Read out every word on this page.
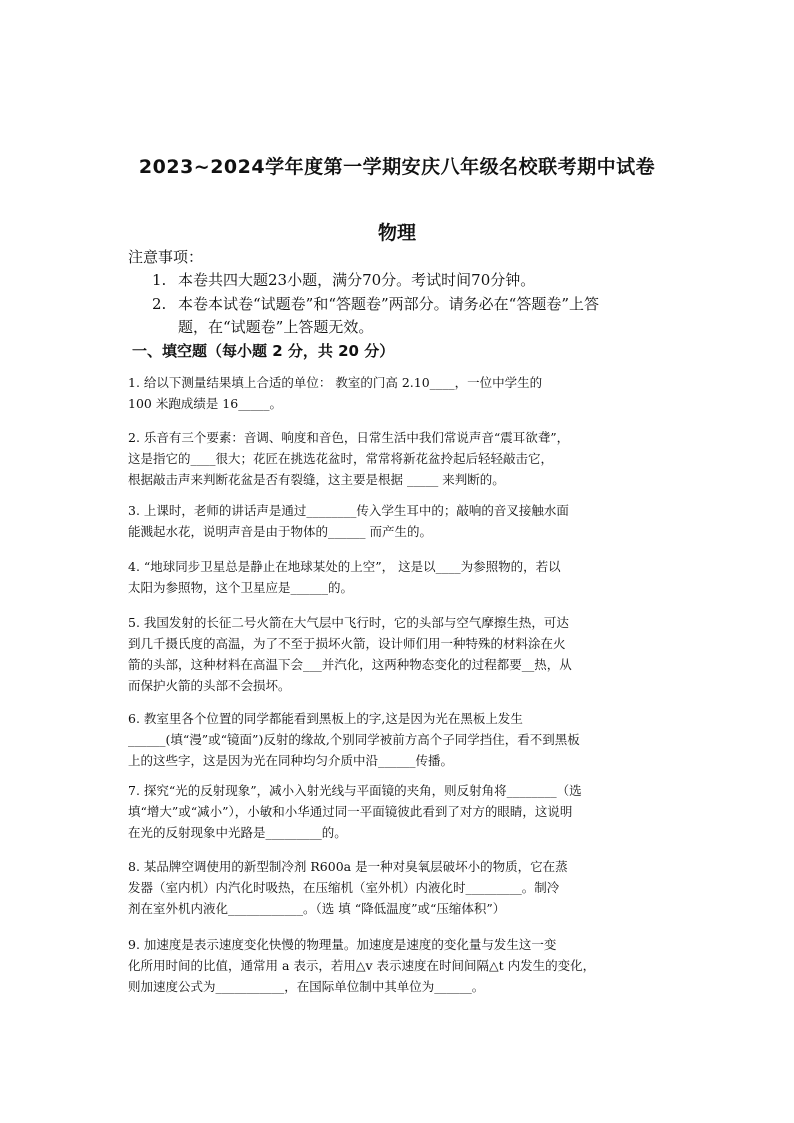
2023~2024学年度第一学期安庆八年级名校联考期中试卷
物理
注意事项：
1. 本卷共四大题23小题，满分70分。考试时间70分钟。
2. 本卷本试卷“试题卷”和“答题卷”两部分。请务必在“答题卷”上答
题，在“试题卷”上答题无效。
一、填空题（每小题 2 分，共 20 分）

1. 给以下测量结果填上合适的单位： 教室的门高 2.10____，一位中学生的

100 米跑成绩是 16_____。

2. 乐音有三个要素：音调、响度和音色，日常生活中我们常说声音“震耳欲聋”，

这是指它的____很大；花匠在挑选花盆时，常常将新花盆拎起后轻轻敲击它，

根据敲击声来判断花盆是否有裂缝，这主要是根据 _____ 来判断的。

3. 上课时，老师的讲话声是通过________传入学生耳中的；敲响的音叉接触水面

能溅起水花，说明声音是由于物体的______ 而产生的。

4. “地球同步卫星总是静止在地球某处的上空”， 这是以____为参照物的，若以

太阳为参照物，这个卫星应是______的。

5. 我国发射的长征二号火箭在大气层中飞行时，它的头部与空气摩擦生热，可达

到几千摄氏度的高温，为了不至于损坏火箭，设计师们用一种特殊的材料涂在火

箭的头部，这种材料在高温下会___并汽化，这两种物态变化的过程都要__热，从

而保护火箭的头部不会损坏。

6. 教室里各个位置的同学都能看到黑板上的字,这是因为光在黑板上发生

______(填“漫”或“镜面”)反射的缘故,个别同学被前方高个子同学挡住，看不到黑板

上的这些字，这是因为光在同种均匀介质中沿______传播。

7. 探究“光的反射现象”，减小入射光线与平面镜的夹角，则反射角将________（选

填“增大”或“减小”），小敏和小华通过同一平面镜彼此看到了对方的眼睛，这说明

在光的反射现象中光路是_________的。

8. 某品牌空调使用的新型制冷剂 R600a 是一种对臭氧层破坏小的物质，它在蒸

发器（室内机）内汽化时吸热，在压缩机（室外机）内液化时_________。制冷

剂在室外机内液化____________。（选 填 “降低温度”或“压缩体积”）

9. 加速度是表示速度变化快慢的物理量。加速度是速度的变化量与发生这一变

化所用时间的比值，通常用 a 表示，若用△v 表示速度在时间间隔△t 内发生的变化，

则加速度公式为___________，在国际单位制中其单位为______。
